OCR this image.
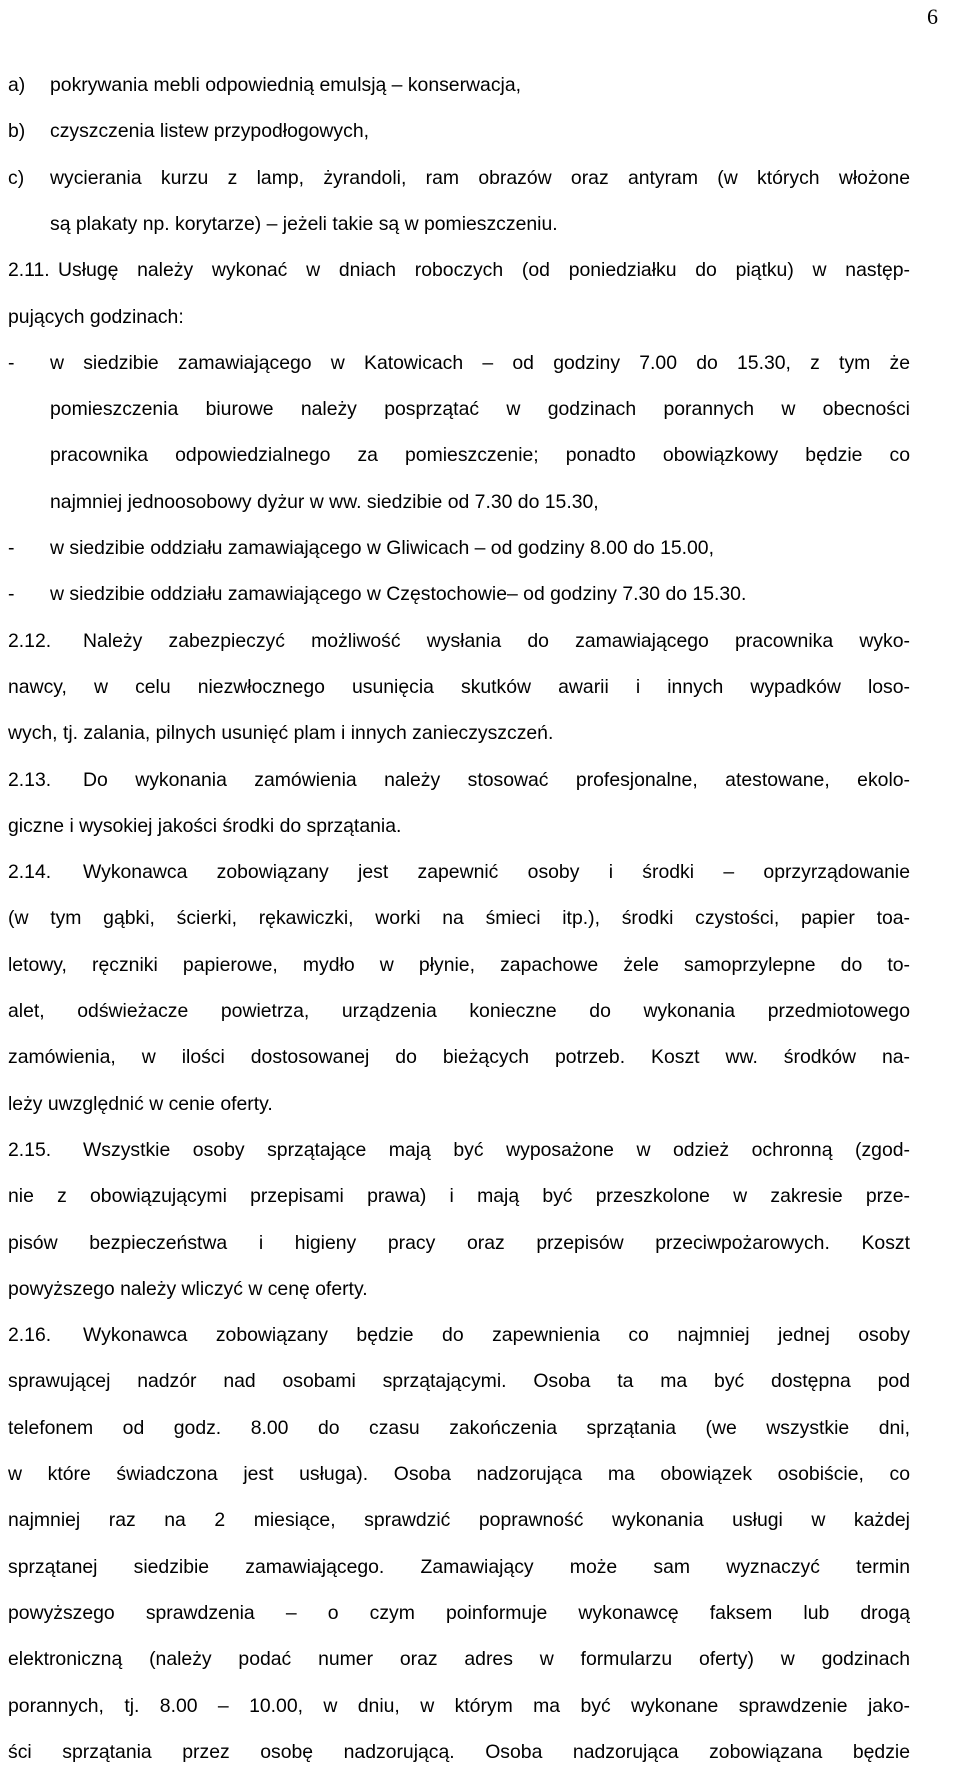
6
a) pokrywania mebli odpowiednią emulsją – konserwacja,
b) czyszczenia listew przypodłogowych,
c) wycierania kurzu z lamp, żyrandoli, ram obrazów oraz antyram (w których włożone
są plakaty np. korytarze) – jeżeli takie są w pomieszczeniu.
2.11. Usługę należy wykonać w dniach roboczych (od poniedziałku do piątku) w następ-
pujących godzinach:
- w siedzibie zamawiającego w Katowicach – od godziny 7.00 do 15.30, z tym że
pomieszczenia biurowe należy posprzątać w godzinach porannych w obecności
pracownika odpowiedzialnego za pomieszczenie; ponadto obowiązkowy będzie co
najmniej jednoosobowy dyżur w ww. siedzibie od 7.30 do 15.30,
- w siedzibie oddziału zamawiającego w Gliwicach – od godziny 8.00 do 15.00,
- w siedzibie oddziału zamawiającego w Częstochowie– od godziny 7.30 do 15.30.
2.12. Należy zabezpieczyć możliwość wysłania do zamawiającego pracownika wyko-
nawcy, w celu niezwłocznego usunięcia skutków awarii i innych wypadków loso-
wych, tj. zalania, pilnych usunięć plam i innych zanieczyszczeń.
2.13. Do wykonania zamówienia należy stosować profesjonalne, atestowane, ekolo-
giczne i wysokiej jakości środki do sprzątania.
2.14. Wykonawca zobowiązany jest zapewnić osoby i środki – oprzyrządowanie
(w tym gąbki, ścierki, rękawiczki, worki na śmieci itp.), środki czystości, papier toa-
letowy, ręczniki papierowe, mydło w płynie, zapachowe żele samoprzylepne do to-
alet, odświeżacze powietrza, urządzenia konieczne do wykonania przedmiotowego
zamówienia, w ilości dostosowanej do bieżących potrzeb. Koszt ww. środków na-
leży uwzględnić w cenie oferty.
2.15. Wszystkie osoby sprzątające mają być wyposażone w odzież ochronną (zgod-
nie z obowiązującymi przepisami prawa) i mają być przeszkolone w zakresie prze-
pisów bezpieczeństwa i higieny pracy oraz przepisów przeciwpożarowych. Koszt
powyższego należy wliczyć w cenę oferty.
2.16. Wykonawca zobowiązany będzie do zapewnienia co najmniej jednej osoby
sprawującej nadzór nad osobami sprzątającymi. Osoba ta ma być dostępna pod
telefonem od godz. 8.00 do czasu zakończenia sprzątania (we wszystkie dni,
w które świadczona jest usługa). Osoba nadzorująca ma obowiązek osobiście, co
najmniej raz na 2 miesiące, sprawdzić poprawność wykonania usługi w każdej
sprzątanej siedzibie zamawiającego. Zamawiający może sam wyznaczyć termin
powyższego sprawdzenia – o czym poinformuje wykonawcę faksem lub drogą
elektroniczną (należy podać numer oraz adres w formularzu oferty) w godzinach
porannych, tj. 8.00 – 10.00, w dniu, w którym ma być wykonane sprawdzenie jako-
ści sprzątania przez osobę nadzorującą. Osoba nadzorująca zobowiązana będzie
